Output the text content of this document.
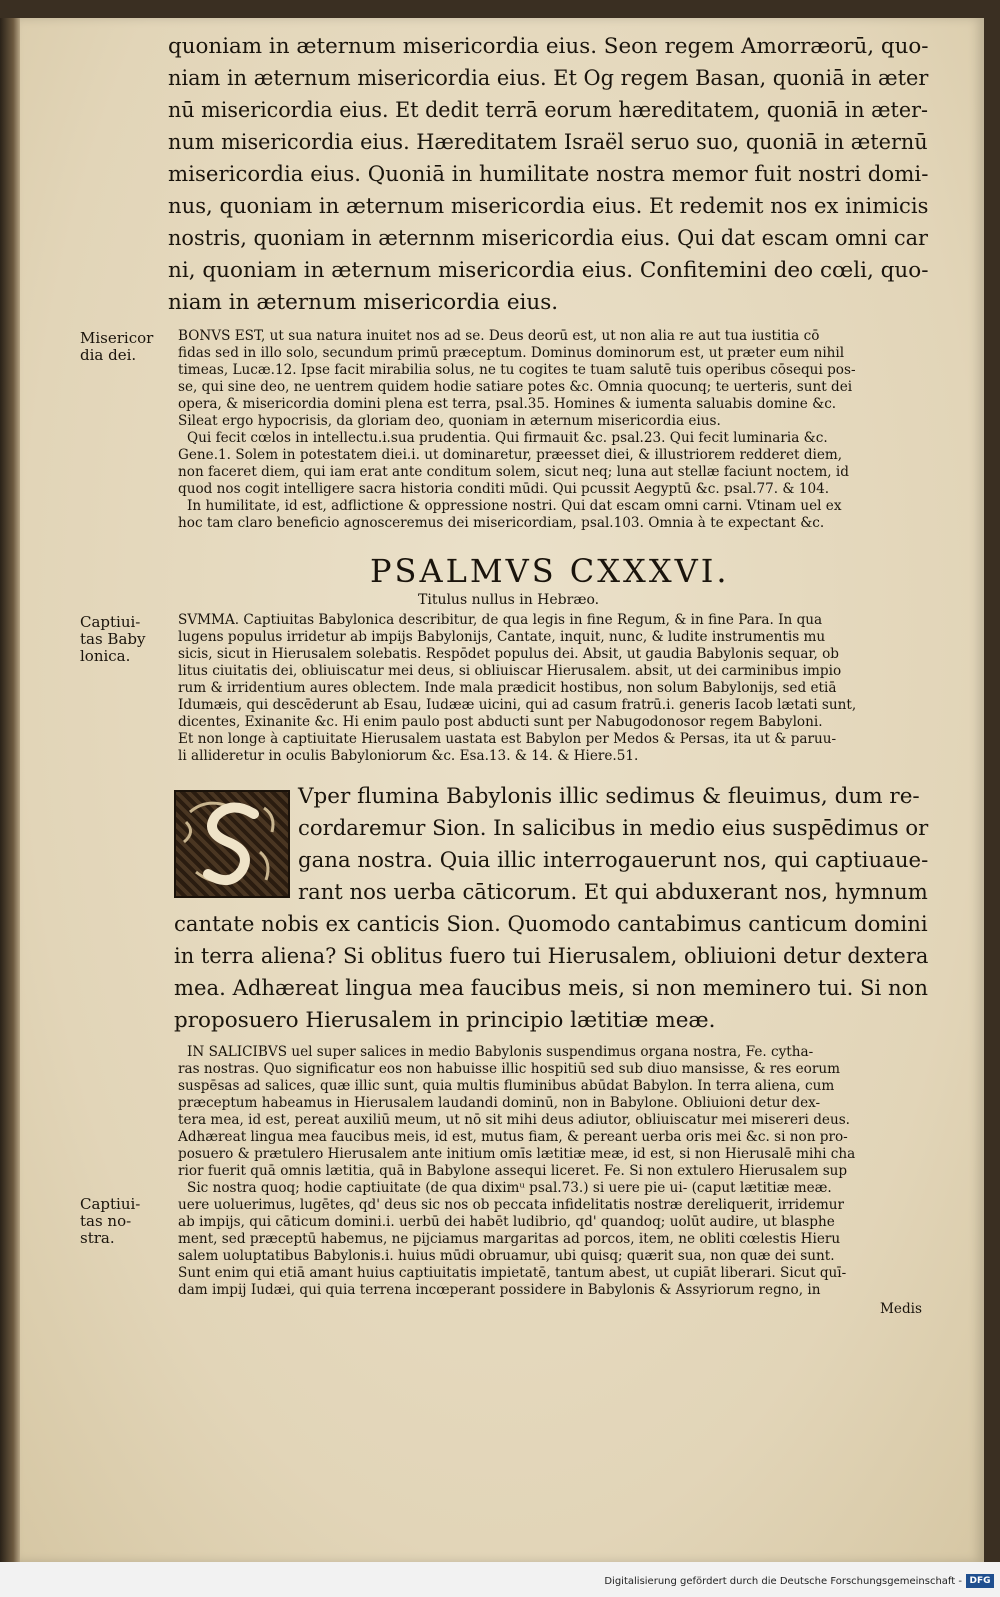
quoniam in æternum misericordia eius. Seon regem Amorræorū, quo-
niam in æternum misericordia eius. Et Og regem Basan, quoniā in æter
nū misericordia eius. Et dedit terrā eorum hæreditatem, quoniā in æter-
num misericordia eius. Hæreditatem Israël seruo suo, quoniā in æternū
misericordia eius. Quoniā in humilitate nostra memor fuit nostri domi-
nus, quoniam in æternum misericordia eius. Et redemit nos ex inimicis
nostris, quoniam in æternnm misericordia eius. Qui dat escam omni car
ni, quoniam in æternum misericordia eius. Confitemini deo cœli, quo-
niam in æternum misericordia eius.
Misericor
dia dei.
BONVS EST, ut sua natura inuitet nos ad se. Deus deorū est, ut non alia re aut tua iustitia cō
fidas sed in illo solo, secundum primū præceptum. Dominus dominorum est, ut præter eum nihil
timeas, Lucæ.12. Ipse facit mirabilia solus, ne tu cogites te tuam salutē tuis operibus cōsequi pos-
se, qui sine deo, ne uentrem quidem hodie satiare potes &c. Omnia quocunq; te uerteris, sunt dei
opera, & misericordia domini plena est terra, psal.35. Homines & iumenta saluabis domine &c.
Sileat ergo hypocrisis, da gloriam deo, quoniam in æternum misericordia eius.
Qui fecit cœlos in intellectu.i.sua prudentia. Qui firmauit &c. psal.23. Qui fecit luminaria &c.
Gene.1. Solem in potestatem diei.i. ut dominaretur, præesset diei, & illustriorem redderet diem,
non faceret diem, qui iam erat ante conditum solem, sicut neq; luna aut stellæ faciunt noctem, id
quod nos cogit intelligere sacra historia conditi mūdi. Qui pcussit Aegyptū &c. psal.77. & 104.
In humilitate, id est, adflictione & oppressione nostri. Qui dat escam omni carni. Vtinam uel ex
hoc tam claro beneficio agnosceremus dei misericordiam, psal.103. Omnia à te expectant &c.
PSALMVS CXXXVI.
Titulus nullus in Hebræo.
Captiui-
tas Baby
lonica.
SVMMA. Captiuitas Babylonica describitur, de qua legis in fine Regum, & in fine Para. In qua
lugens populus irridetur ab impijs Babylonijs, Cantate, inquit, nunc, & ludite instrumentis mu
sicis, sicut in Hierusalem solebatis. Respōdet populus dei. Absit, ut gaudia Babylonis sequar, ob
litus ciuitatis dei, obliuiscatur mei deus, si obliuiscar Hierusalem. absit, ut dei carminibus impio
rum & irridentium aures oblectem. Inde mala prædicit hostibus, non solum Babylonijs, sed etiā
Idumæis, qui descēderunt ab Esau, Iudææ uicini, qui ad casum fratrū.i. generis Iacob lætati sunt,
dicentes, Exinanite &c. Hi enim paulo post abducti sunt per Nabugodonosor regem Babyloni.
Et non longe à captiuitate Hierusalem uastata est Babylon per Medos & Persas, ita ut & paruu-
li allideretur in oculis Babyloniorum &c. Esa.13. & 14. & Hiere.51.
Vper flumina Babylonis illic sedimus & fleuimus, dum re-
cordaremur Sion. In salicibus in medio eius suspēdimus or
gana nostra. Quia illic interrogauerunt nos, qui captiuaue-
rant nos uerba cāticorum. Et qui abduxerant nos, hymnum
cantate nobis ex canticis Sion. Quomodo cantabimus canticum domini
in terra aliena? Si oblitus fuero tui Hierusalem, obliuioni detur dextera
mea. Adhæreat lingua mea faucibus meis, si non meminero tui. Si non
proposuero Hierusalem in principio lætitiæ meæ.
IN SALICIBVS uel super salices in medio Babylonis suspendimus organa nostra, Fe. cytha-
ras nostras. Quo significatur eos non habuisse illic hospitiū sed sub diuo mansisse, & res eorum
suspēsas ad salices, quæ illic sunt, quia multis fluminibus abūdat Babylon. In terra aliena, cum
præceptum habeamus in Hierusalem laudandi dominū, non in Babylone. Obliuioni detur dex-
tera mea, id est, pereat auxiliū meum, ut nō sit mihi deus adiutor, obliuiscatur mei misereri deus.
Adhæreat lingua mea faucibus meis, id est, mutus fiam, & pereant uerba oris mei &c. si non pro-
posuero & prætulero Hierusalem ante initium omīs lætitiæ meæ, id est, si non Hierusalē mihi cha
rior fuerit quā omnis lætitia, quā in Babylone assequi liceret. Fe. Si non extulero Hierusalem sup
Captiui-
tas no-
stra.
Sic nostra quoq; hodie captiuitate (de qua diximᵘ psal.73.) si uere pie ui- (caput lætitiæ meæ.
uere uoluerimus, lugētes, qd' deus sic nos ob peccata infidelitatis nostræ dereliquerit, irridemur
ab impijs, qui cāticum domini.i. uerbū dei habēt ludibrio, qd' quandoq; uolūt audire, ut blasphe
ment, sed præceptū habemus, ne pijciamus margaritas ad porcos, item, ne obliti cœlestis Hieru
salem uoluptatibus Babylonis.i. huius mūdi obruamur, ubi quisq; quærit sua, non quæ dei sunt.
Sunt enim qui etiā amant huius captiuitatis impietatē, tantum abest, ut cupiāt liberari. Sicut quī-
dam impij Iudæi, qui quia terrena incœperant possidere in Babylonis & Assyriorum regno, in
Medis
Digitalisierung gefördert durch die Deutsche Forschungsgemeinschaft - DFG
